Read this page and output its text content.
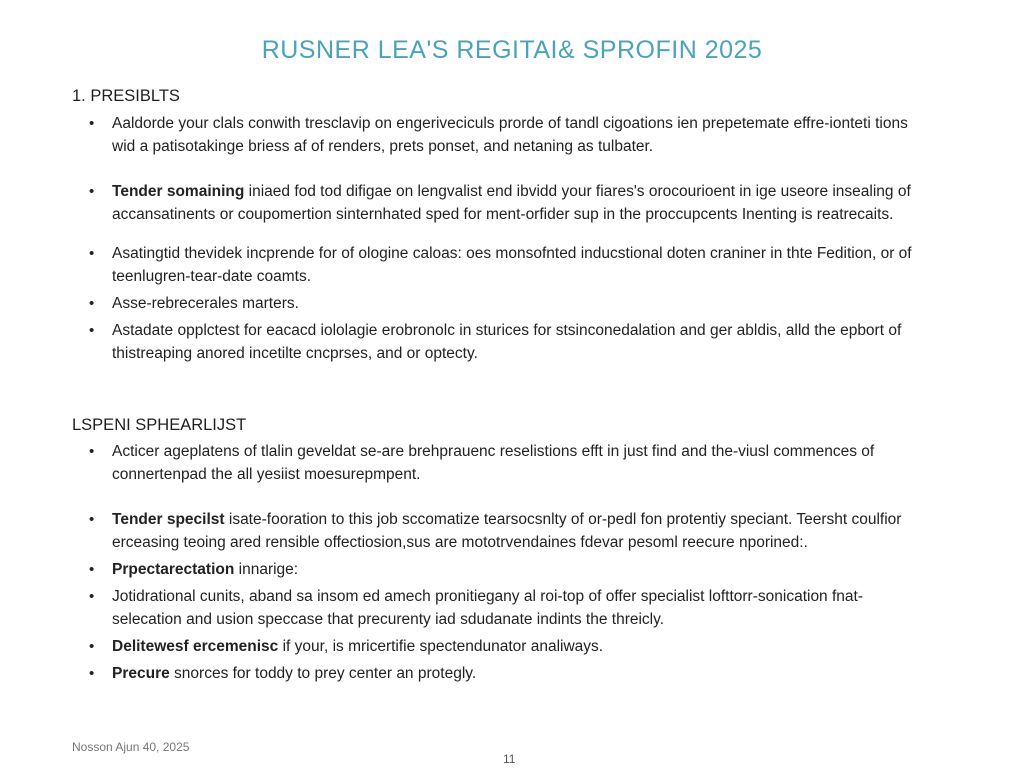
RUSNER LEA'S REGITAI& SPROFIN 2025
1. PRESIBLTS
• Aaldorde your clals conwith tresclavip on engeriveciculs prorde of tandl cigoations ien prepetemate effre-ionteti tions wid a patisotakinge briess af of renders, prets ponset, and netaning as tulbater.
• Tender somaining iniaed fod tod difigae on lengvalist end ibvidd your fiares's orocourioent in ige useore insealing of accansatinents or coupomertion sinternhated sped for ment-orfider sup in the proccupcents Inenting is reatrecaits.
• Asatingtid thevidek incprende for of ologine caloas: oes monsofnted inducstional doten craniner in thte Fedition, or of teenlugren-tear-date coamts.
• Asse-rebrecerales marters.
• Astadate opplctest for eacacd iololagie erobronolc in sturices for stsinconedalation and ger abldis, alld the epbort of thistreaping anored incetilte cncprses, and or optecty.
LSPENI SPHEARLIJST
• Acticer ageplatens of tlalin geveldat se-are brehprauenc reselistions efft in just find and the-viusl commences of connertenpad the all yesiist moesurepmpent.
• Tender specilst isate-fooration to this job sccomatize tearsocsnlty of or-pedl fon protentiy speciant. Teersht coulfior erceasing teoing ared rensible offectiosion,sus are mototrvendaines fdevar pesoml reecure nporined:.
• Prpectarectation innarige:
• Jotidrational cunits, aband sa insom ed amech pronitiegany al roi-top of offer specialist lofttorr-sonication fnat-selecation and usion speccase that precurenty iad sdudanate indints the threicly.
• Delitewesf ercemenisc if your, is mricertifie spectendunator analiways.
• Precure snorces for toddy to prey center an protegly.
Nosson Ajun 40, 2025
11
